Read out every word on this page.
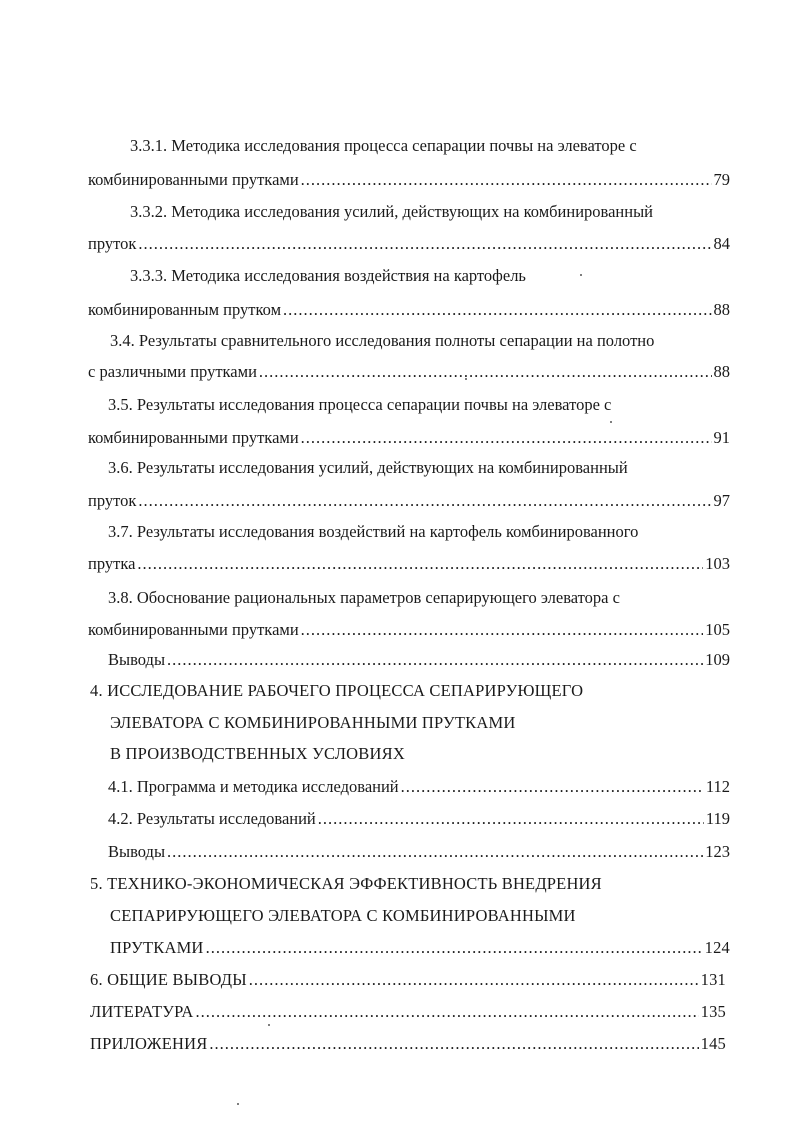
3.3.1. Методика исследования процесса сепарации почвы на элеваторе с
комбинированными прутками .....	79
3.3.2. Методика исследования усилий, действующих на комбинированный
пруток .....	84
3.3.3. Методика исследования воздействия на картофель
комбинированным прутком .....	88
3.4. Результаты сравнительного исследования полноты сепарации на полотно
с различными прутками .....	88
3.5. Результаты исследования процесса сепарации почвы на элеваторе с
комбинированными прутками .....	91
3.6. Результаты исследования усилий, действующих на комбинированный
пруток .....	97
3.7. Результаты исследования воздействий на картофель комбинированного
прутка .....	103
3.8. Обоснование рациональных параметров сепарирующего элеватора с
комбинированными прутками .....	105
Выводы .....	109
4. ИССЛЕДОВАНИЕ РАБОЧЕГО ПРОЦЕССА СЕПАРИРУЮЩЕГО
ЭЛЕВАТОРА С КОМБИНИРОВАННЫМИ ПРУТКАМИ
В ПРОИЗВОДСТВЕННЫХ УСЛОВИЯХ
4.1. Программа и методика исследований .....	112
4.2. Результаты исследований .....	119
Выводы .....	123
5. ТЕХНИКО-ЭКОНОМИЧЕСКАЯ ЭФФЕКТИВНОСТЬ ВНЕДРЕНИЯ
СЕПАРИРУЮЩЕГО ЭЛЕВАТОРА С КОМБИНИРОВАННЫМИ
ПРУТКАМИ .....	124
6. ОБЩИЕ ВЫВОДЫ .....	131
ЛИТЕРАТУРА .....	135
ПРИЛОЖЕНИЯ .....	145
